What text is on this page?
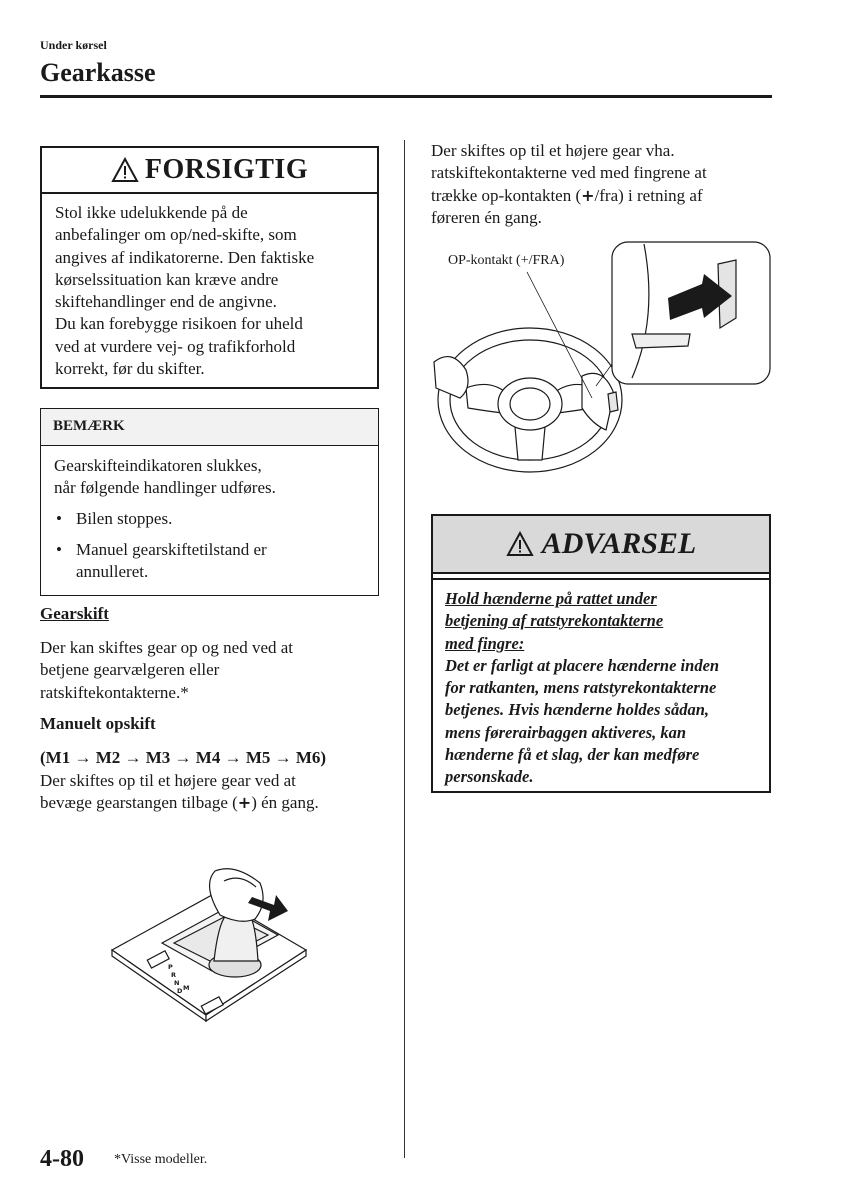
Under kørsel
Gearkasse
FORSIGTIG
Stol ikke udelukkende på de
anbefalinger om op/ned-skifte, som
angives af indikatorerne. Den faktiske
kørselssituation kan kræve andre
skiftehandlinger end de angivne.
Du kan forebygge risikoen for uheld
ved at vurdere vej- og trafikforhold
korrekt, før du skifter.
BEMÆRK
Gearskifteindikatoren slukkes,
når følgende handlinger udføres.
• Bilen stoppes.
• Manuel gearskiftetilstand er
annulleret.
Gearskift
Der kan skiftes gear op og ned ved at
betjene gearvælgeren eller
ratskiftekontakterne.*
Manuelt opskift
(M1 → M2 → M3 → M4 → M5 → M6)
Der skiftes op til et højere gear ved at
bevæge gearstangen tilbage (+) én gang.
P
R
N
D M
Der skiftes op til et højere gear vha.
ratskiftekontakterne ved med fingrene at
trække op-kontakten (+/fra) i retning af
føreren én gang.
OP-kontakt (+/FRA)
ADVARSEL
Hold hænderne på rattet under
betjening af ratstyrekontakterne
med fingre:
Det er farligt at placere hænderne inden
for ratkanten, mens ratstyrekontakterne
betjenes. Hvis hænderne holdes sådan,
mens førerairbaggen aktiveres, kan
hænderne få et slag, der kan medføre
personskade.
4-80 *Visse modeller.
